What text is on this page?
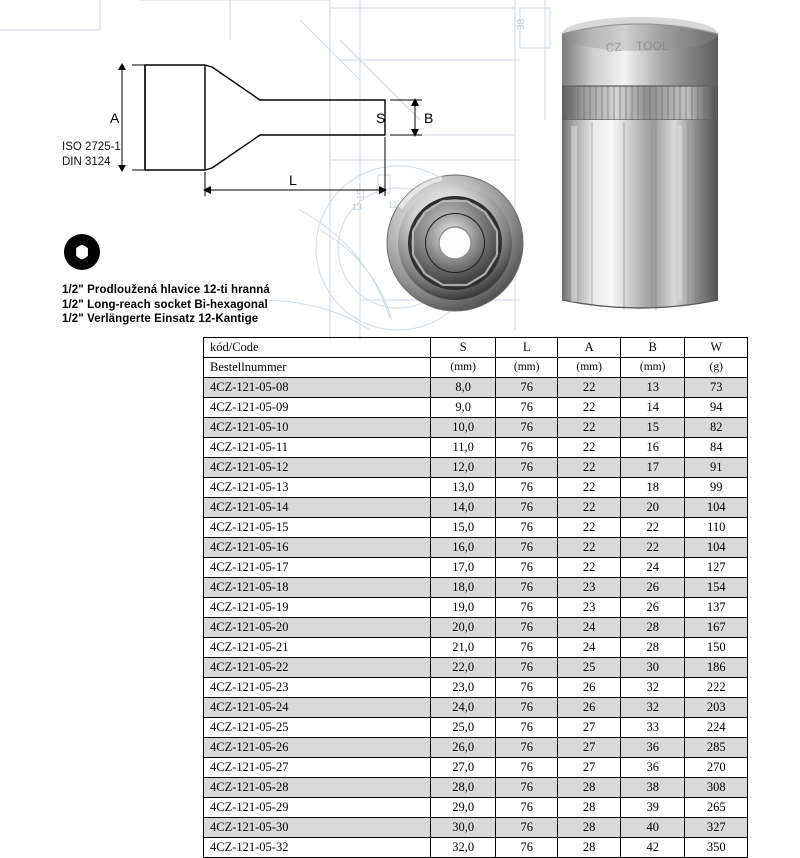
38
15
11
13
A	B
S
L
ISO 2725-1
DIN 3124
1/2" Prodloužená hlavice 12-ti hranná
1/2" Long-reach socket Bi-hexagonal
1/2" Verlängerte Einsatz 12-Kantige
CZ TOOL
kód/Code	S	L	A	B	W
Bestellnummer	(mm)	(mm)	(mm)	(mm)	(g)
4CZ-121-05-08	8,0	76	22	13	73
4CZ-121-05-09	9,0	76	22	14	94
4CZ-121-05-10	10,0	76	22	15	82
4CZ-121-05-11	11,0	76	22	16	84
4CZ-121-05-12	12,0	76	22	17	91
4CZ-121-05-13	13,0	76	22	18	99
4CZ-121-05-14	14,0	76	22	20	104
4CZ-121-05-15	15,0	76	22	22	110
4CZ-121-05-16	16,0	76	22	22	104
4CZ-121-05-17	17,0	76	22	24	127
4CZ-121-05-18	18,0	76	23	26	154
4CZ-121-05-19	19,0	76	23	26	137
4CZ-121-05-20	20,0	76	24	28	167
4CZ-121-05-21	21,0	76	24	28	150
4CZ-121-05-22	22,0	76	25	30	186
4CZ-121-05-23	23,0	76	26	32	222
4CZ-121-05-24	24,0	76	26	32	203
4CZ-121-05-25	25,0	76	27	33	224
4CZ-121-05-26	26,0	76	27	36	285
4CZ-121-05-27	27,0	76	27	36	270
4CZ-121-05-28	28,0	76	28	38	308
4CZ-121-05-29	29,0	76	28	39	265
4CZ-121-05-30	30,0	76	28	40	327
4CZ-121-05-32	32,0	76	28	42	350
